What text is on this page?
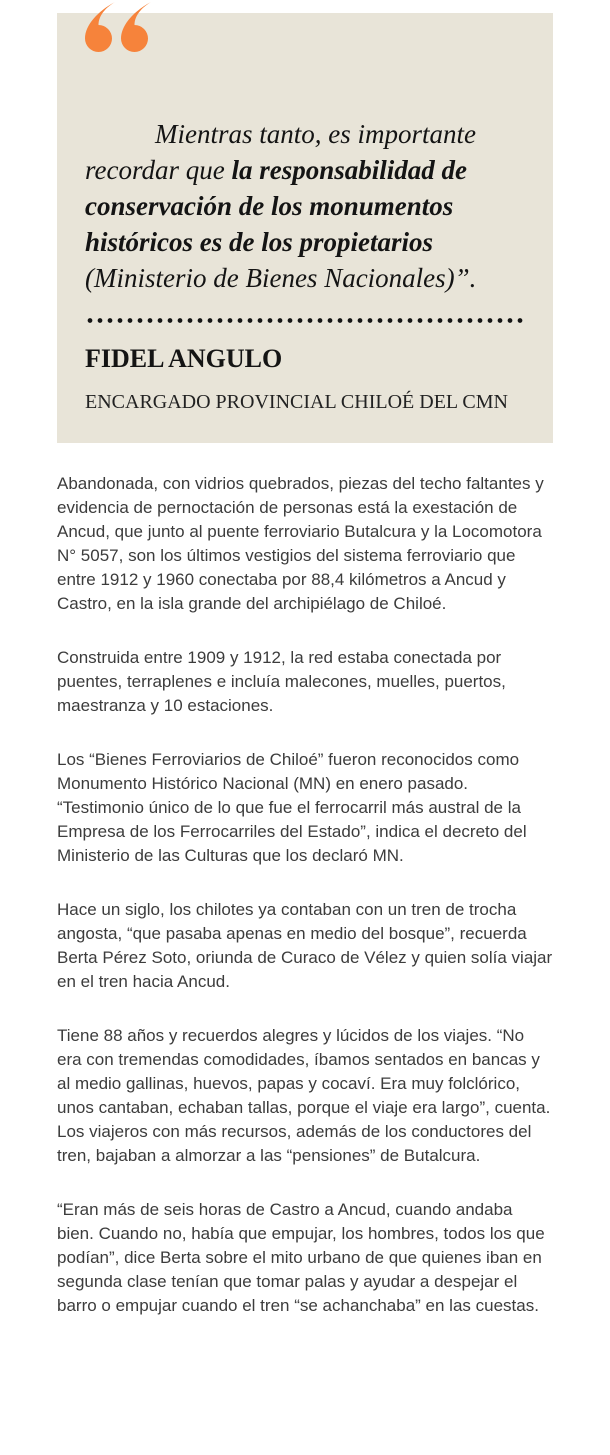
Mientras tanto, es importante recordar que la responsabilidad de conservación de los monumentos históricos es de los propietarios (Ministerio de Bienes Nacionales)”.

FIDEL ANGULO
ENCARGADO PROVINCIAL CHILOÉ DEL CMN

Abandonada, con vidrios quebrados, piezas del techo faltantes y evidencia de pernoctación de personas está la exestación de Ancud, que junto al puente ferroviario Butalcura y la Locomotora N° 5057, son los últimos vestigios del sistema ferroviario que entre 1912 y 1960 conectaba por 88,4 kilómetros a Ancud y Castro, en la isla grande del archipiélago de Chiloé.

Construida entre 1909 y 1912, la red estaba conectada por puentes, terraplenes e incluía malecones, muelles, puertos, maestranza y 10 estaciones.

Los “Bienes Ferroviarios de Chiloé” fueron reconocidos como Monumento Histórico Nacional (MN) en enero pasado. “Testimonio único de lo que fue el ferrocarril más austral de la Empresa de los Ferrocarriles del Estado”, indica el decreto del Ministerio de las Culturas que los declaró MN.

Hace un siglo, los chilotes ya contaban con un tren de trocha angosta, “que pasaba apenas en medio del bosque”, recuerda Berta Pérez Soto, oriunda de Curaco de Vélez y quien solía viajar en el tren hacia Ancud.

Tiene 88 años y recuerdos alegres y lúcidos de los viajes. “No era con tremendas comodidades, íbamos sentados en bancas y al medio gallinas, huevos, papas y cocaví. Era muy folclórico, unos cantaban, echaban tallas, porque el viaje era largo”, cuenta. Los viajeros con más recursos, además de los conductores del tren, bajaban a almorzar a las “pensiones” de Butalcura.

“Eran más de seis horas de Castro a Ancud, cuando andaba bien. Cuando no, había que empujar, los hombres, todos los que podían”, dice Berta sobre el mito urbano de que quienes iban en segunda clase tenían que tomar palas y ayudar a despejar el barro o empujar cuando el tren “se achanchaba” en las cuestas.
